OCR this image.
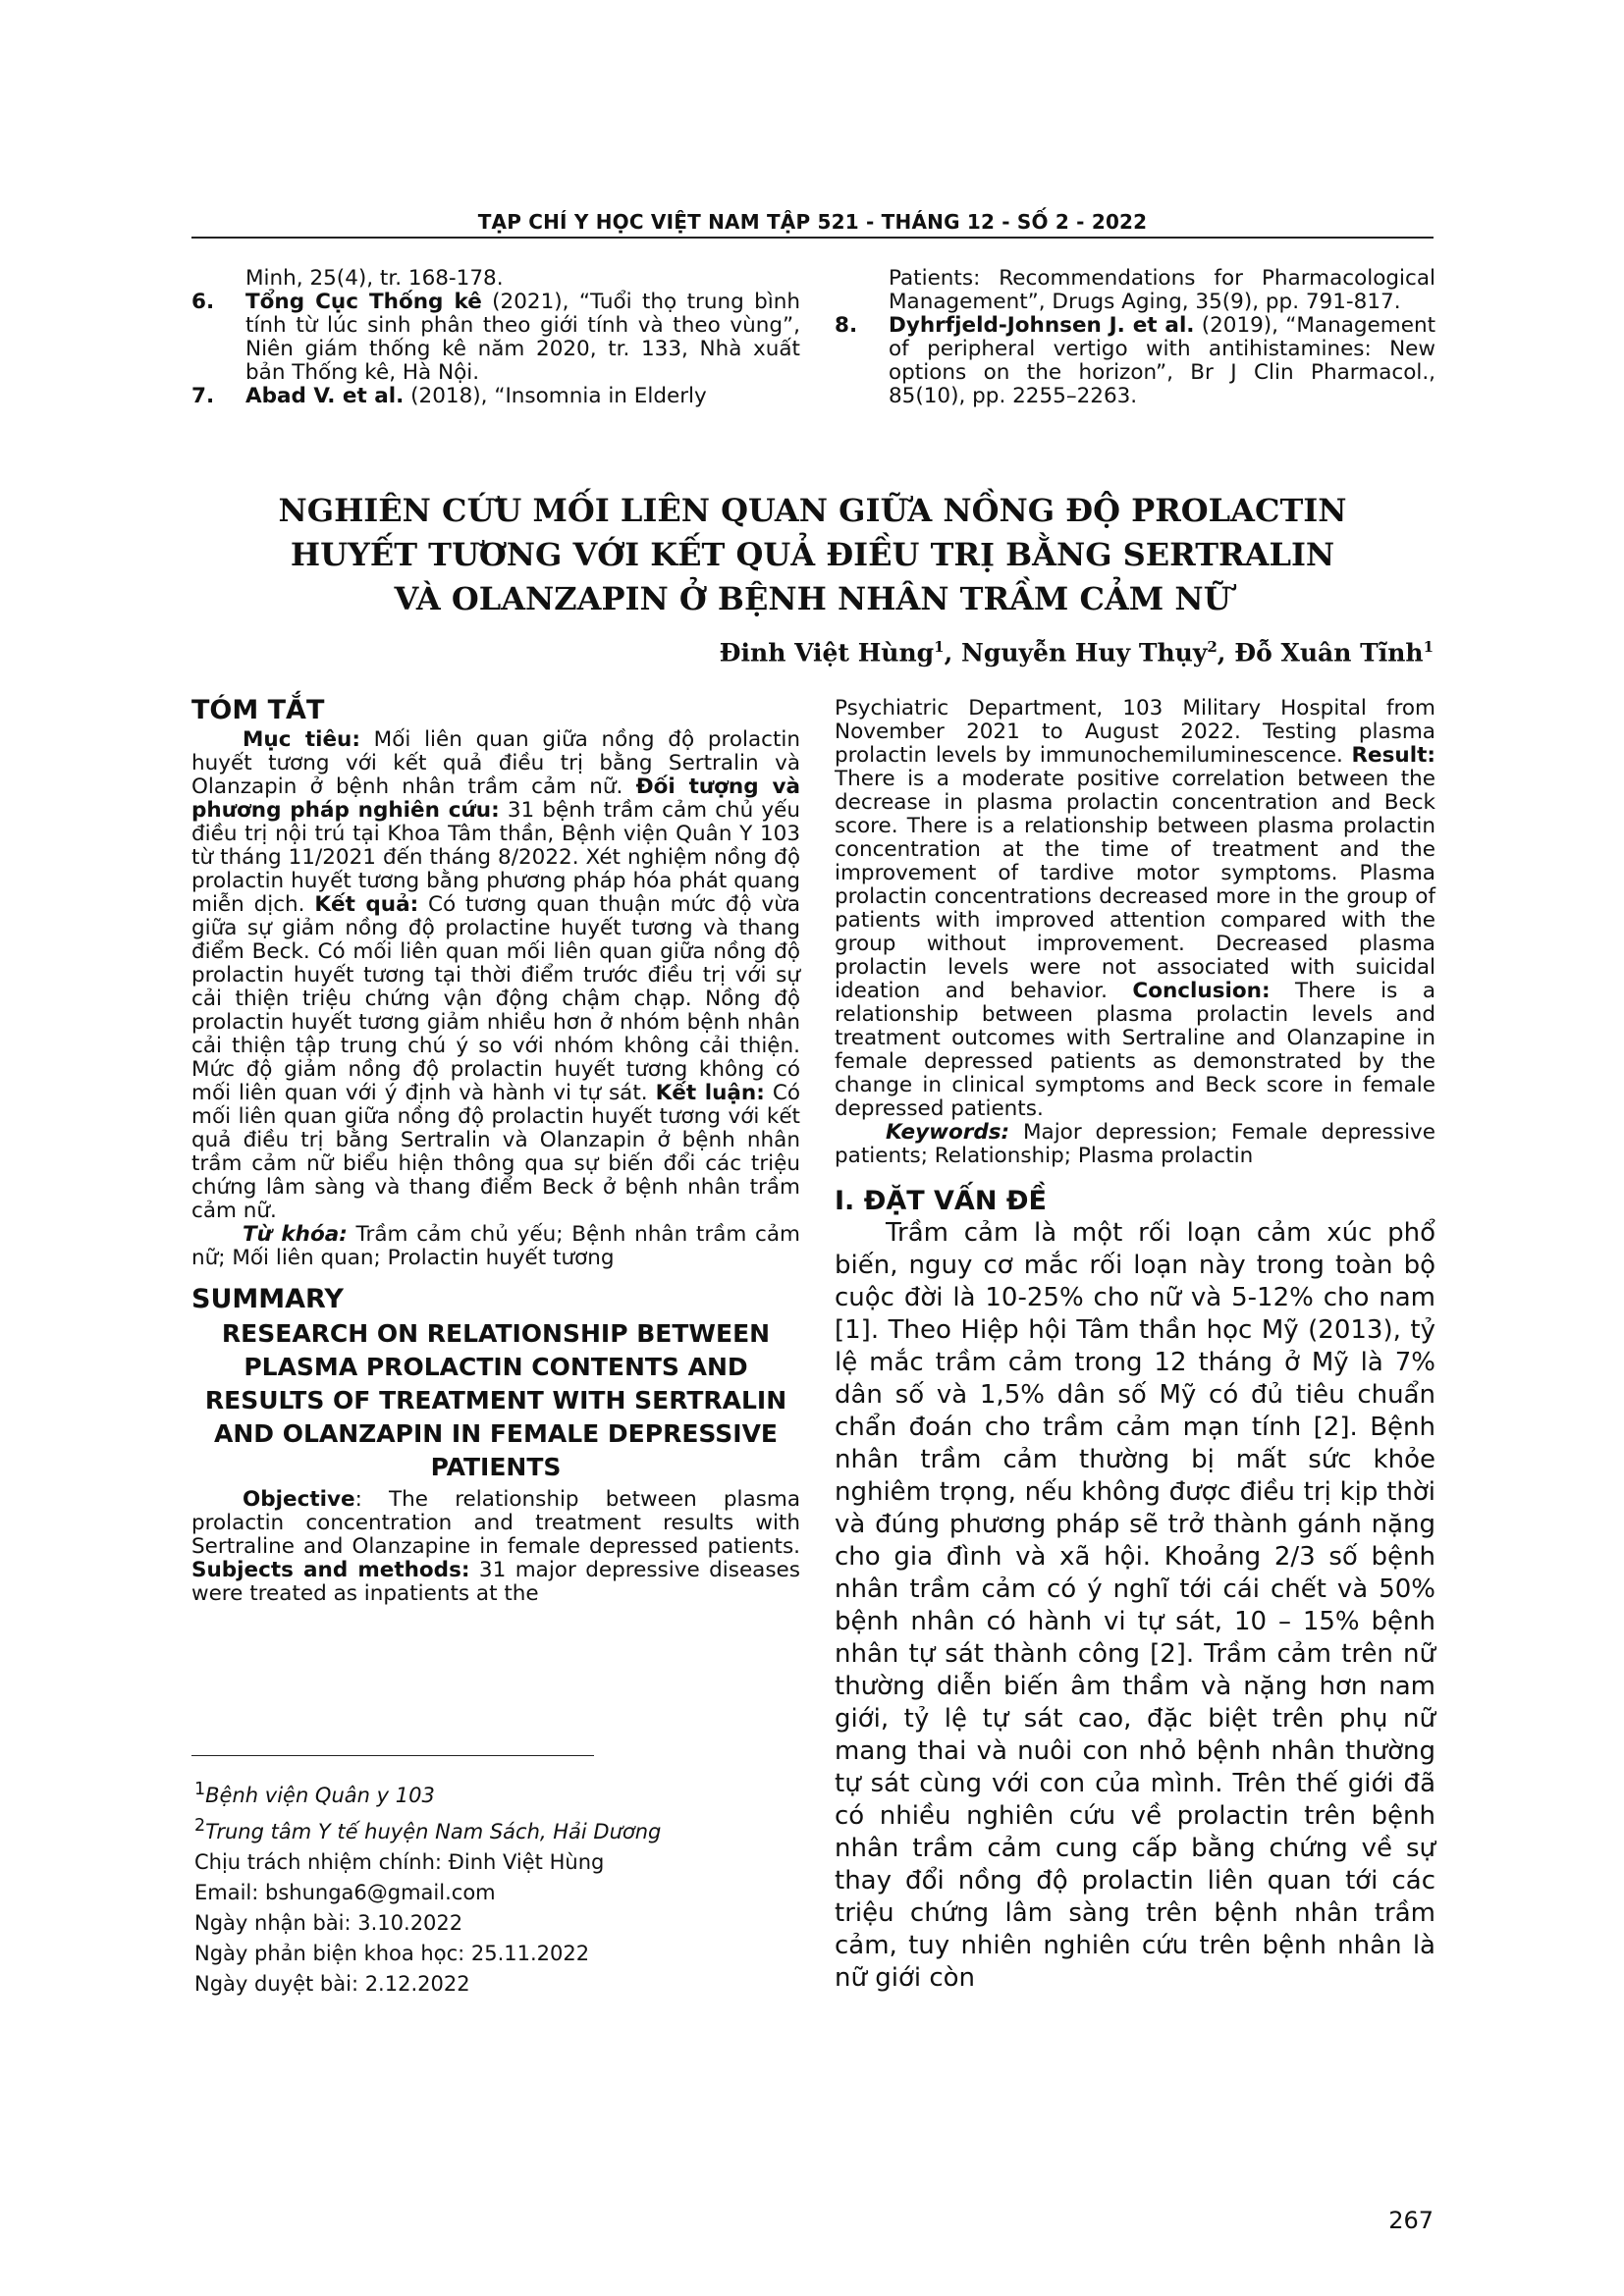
TẠP CHÍ Y HỌC VIỆT NAM TẬP 521 - THÁNG 12 - SỐ 2 - 2022

Minh, 25(4), tr. 168-178.

6. Tổng Cục Thống kê (2021), “Tuổi thọ trung bình tính từ lúc sinh phân theo giới tính và theo vùng”, Niên giám thống kê năm 2020, tr. 133, Nhà xuất bản Thống kê, Hà Nội.

7. Abad V. et al. (2018), “Insomnia in Elderly

Patients: Recommendations for Pharmacological Management”, Drugs Aging, 35(9), pp. 791-817.

8. Dyhrfjeld-Johnsen J. et al. (2019), “Management of peripheral vertigo with antihistamines: New options on the horizon”, Br J Clin Pharmacol., 85(10), pp. 2255–2263.

NGHIÊN CỨU MỐI LIÊN QUAN GIỮA NỒNG ĐỘ PROLACTIN
HUYẾT TƯƠNG VỚI KẾT QUẢ ĐIỀU TRỊ BẰNG SERTRALIN
VÀ OLANZAPIN Ở BỆNH NHÂN TRẦM CẢM NỮ
Đinh Việt Hùng$^1$, Nguyễn Huy Thụy$^2$, Đỗ Xuân Tĩnh$^1$
TÓM TẮT

Mục tiêu: Mối liên quan giữa nồng độ prolactin huyết tương với kết quả điều trị bằng Sertralin và Olanzapin ở bệnh nhân trầm cảm nữ. Đối tượng và phương pháp nghiên cứu: 31 bệnh trầm cảm chủ yếu điều trị nội trú tại Khoa Tâm thần, Bệnh viện Quân Y 103 từ tháng 11/2021 đến tháng 8/2022. Xét nghiệm nồng độ prolactin huyết tương bằng phương pháp hóa phát quang miễn dịch. Kết quả: Có tương quan thuận mức độ vừa giữa sự giảm nồng độ prolactine huyết tương và thang điểm Beck. Có mối liên quan mối liên quan giữa nồng độ prolactin huyết tương tại thời điểm trước điều trị với sự cải thiện triệu chứng vận động chậm chạp. Nồng độ prolactin huyết tương giảm nhiều hơn ở nhóm bệnh nhân cải thiện tập trung chú ý so với nhóm không cải thiện. Mức độ giảm nồng độ prolactin huyết tương không có mối liên quan với ý định và hành vi tự sát. Kết luận: Có mối liên quan giữa nồng độ prolactin huyết tương với kết quả điều trị bằng Sertralin và Olanzapin ở bệnh nhân trầm cảm nữ biểu hiện thông qua sự biến đổi các triệu chứng lâm sàng và thang điểm Beck ở bệnh nhân trầm cảm nữ.

Từ khóa: Trầm cảm chủ yếu; Bệnh nhân trầm cảm nữ; Mối liên quan; Prolactin huyết tương

SUMMARY
RESEARCH ON RELATIONSHIP BETWEEN PLASMA PROLACTIN CONTENTS AND RESULTS OF TREATMENT WITH SERTRALIN AND OLANZAPIN IN FEMALE DEPRESSIVE PATIENTS

Objective: The relationship between plasma prolactin concentration and treatment results with Sertraline and Olanzapine in female depressed patients. Subjects and methods: 31 major depressive diseases were treated as inpatients at the

$^1$Bệnh viện Quân y 103

$^2$Trung tâm Y tế huyện Nam Sách, Hải Dương

Chịu trách nhiệm chính: Đinh Việt Hùng

Email: bshunga6@gmail.com

Ngày nhận bài: 3.10.2022

Ngày phản biện khoa học: 25.11.2022

Ngày duyệt bài: 2.12.2022

Psychiatric Department, 103 Military Hospital from November 2021 to August 2022. Testing plasma prolactin levels by immunochemiluminescence. Result: There is a moderate positive correlation between the decrease in plasma prolactin concentration and Beck score. There is a relationship between plasma prolactin concentration at the time of treatment and the improvement of tardive motor symptoms. Plasma prolactin concentrations decreased more in the group of patients with improved attention compared with the group without improvement. Decreased plasma prolactin levels were not associated with suicidal ideation and behavior. Conclusion: There is a relationship between plasma prolactin levels and treatment outcomes with Sertraline and Olanzapine in female depressed patients as demonstrated by the change in clinical symptoms and Beck score in female depressed patients.

Keywords: Major depression; Female depressive patients; Relationship; Plasma prolactin

I. ĐẶT VẤN ĐỀ

Trầm cảm là một rối loạn cảm xúc phổ biến, nguy cơ mắc rối loạn này trong toàn bộ cuộc đời là 10-25% cho nữ và 5-12% cho nam [1]. Theo Hiệp hội Tâm thần học Mỹ (2013), tỷ lệ mắc trầm cảm trong 12 tháng ở Mỹ là 7% dân số và 1,5% dân số Mỹ có đủ tiêu chuẩn chẩn đoán cho trầm cảm mạn tính [2]. Bệnh nhân trầm cảm thường bị mất sức khỏe nghiêm trọng, nếu không được điều trị kịp thời và đúng phương pháp sẽ trở thành gánh nặng cho gia đình và xã hội. Khoảng 2/3 số bệnh nhân trầm cảm có ý nghĩ tới cái chết và 50% bệnh nhân có hành vi tự sát, 10 – 15% bệnh nhân tự sát thành công [2]. Trầm cảm trên nữ thường diễn biến âm thầm và nặng hơn nam giới, tỷ lệ tự sát cao, đặc biệt trên phụ nữ mang thai và nuôi con nhỏ bệnh nhân thường tự sát cùng với con của mình. Trên thế giới đã có nhiều nghiên cứu về prolactin trên bệnh nhân trầm cảm cung cấp bằng chứng về sự thay đổi nồng độ prolactin liên quan tới các triệu chứng lâm sàng trên bệnh nhân trầm cảm, tuy nhiên nghiên cứu trên bệnh nhân là nữ giới còn

267
